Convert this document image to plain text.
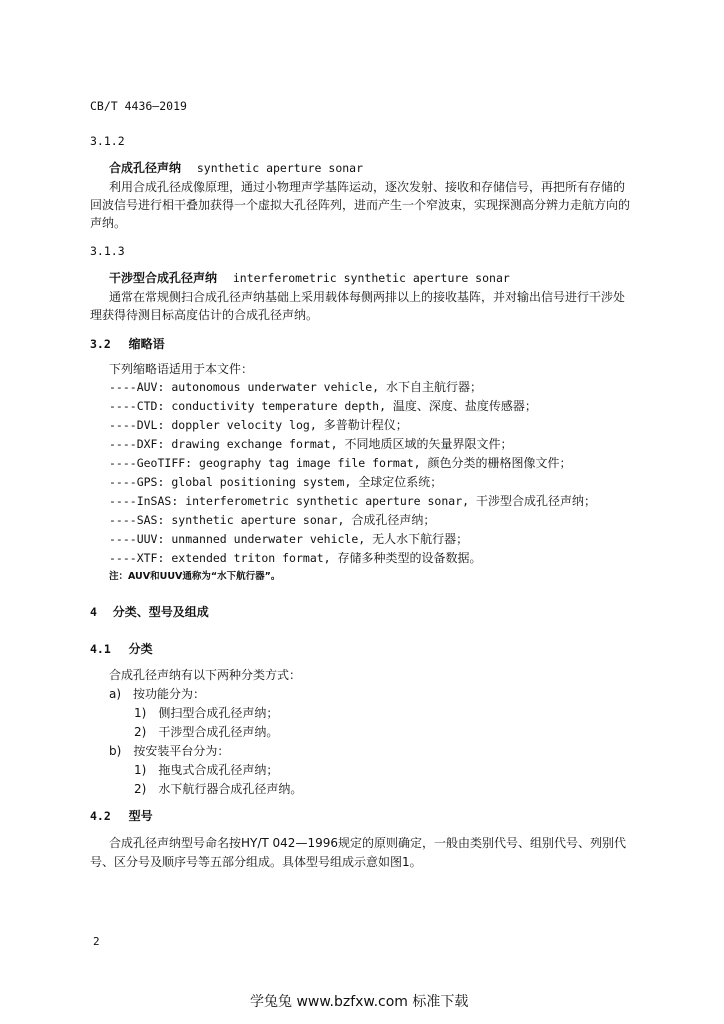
CB/T 4436—2019
3.1.2
合成孔径声纳 synthetic aperture sonar
利用合成孔径成像原理，通过小物理声学基阵运动，逐次发射、接收和存储信号，再把所有存储的
回波信号进行相干叠加获得一个虚拟大孔径阵列，进而产生一个窄波束，实现探测高分辨力走航方向的
声纳。
3.1.3
干涉型合成孔径声纳 interferometric synthetic aperture sonar
通常在常规侧扫合成孔径声纳基础上采用载体每侧两排以上的接收基阵，并对输出信号进行干涉处
理获得待测目标高度估计的合成孔径声纳。
3.2 缩略语
下列缩略语适用于本文件：
----AUV: autonomous underwater vehicle, 水下自主航行器；
----CTD: conductivity temperature depth, 温度、深度、盐度传感器；
----DVL: doppler velocity log, 多普勒计程仪；
----DXF: drawing exchange format, 不同地质区域的矢量界限文件；
----GeoTIFF: geography tag image file format, 颜色分类的栅格图像文件；
----GPS: global positioning system, 全球定位系统；
----InSAS: interferometric synthetic aperture sonar, 干涉型合成孔径声纳；
----SAS: synthetic aperture sonar, 合成孔径声纳；
----UUV: unmanned underwater vehicle, 无人水下航行器；
----XTF: extended triton format, 存储多种类型的设备数据。
注：AUV和UUV通称为“水下航行器”。
4 分类、型号及组成
4.1 分类
合成孔径声纳有以下两种分类方式：
a) 按功能分为：
1) 侧扫型合成孔径声纳；
2) 干涉型合成孔径声纳。
b) 按安装平台分为：
1) 拖曳式合成孔径声纳；
2) 水下航行器合成孔径声纳。
4.2 型号
合成孔径声纳型号命名按HY/T 042—1996规定的原则确定，一般由类别代号、组别代号、列别代
号、区分号及顺序号等五部分组成。具体型号组成示意如图1。
2
学兔兔 www.bzfxw.com 标准下载
